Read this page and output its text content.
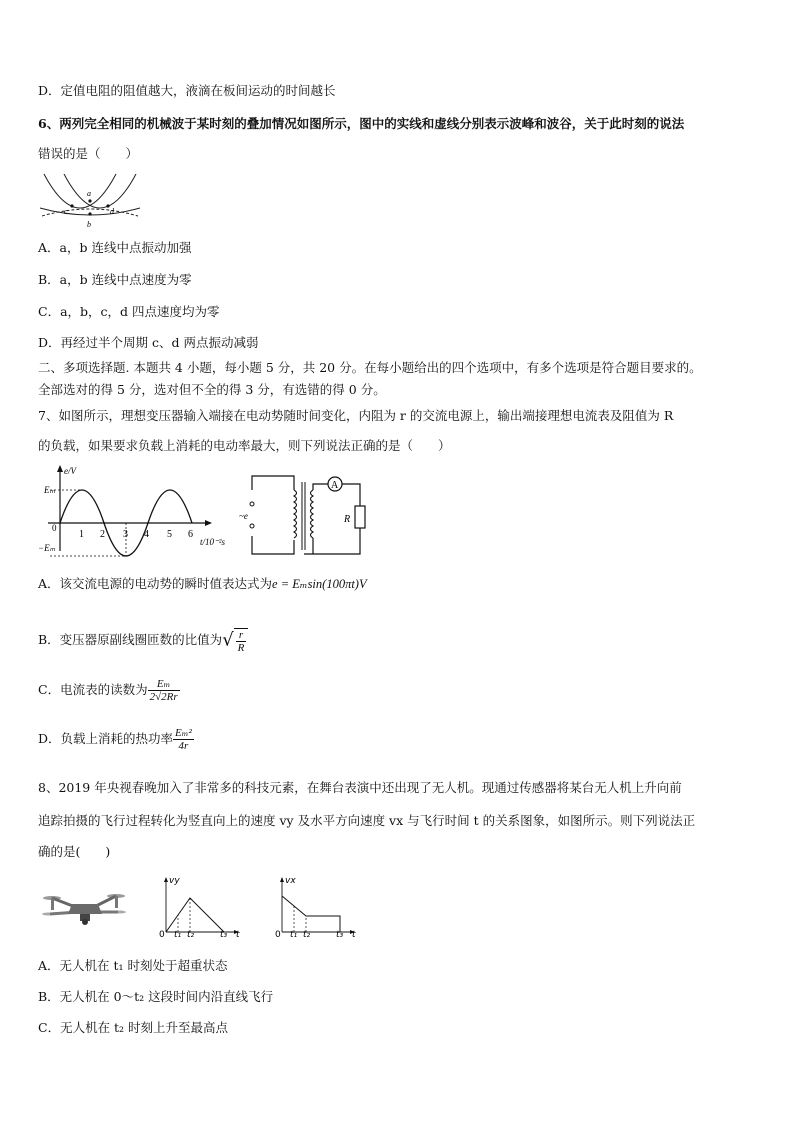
D．定值电阻的阻值越大，液滴在板间运动的时间越长
6、两列完全相同的机械波于某时刻的叠加情况如图所示，图中的实线和虚线分别表示波峰和波谷，关于此时刻的说法
错误的是（　　）
a
b
c	d
A．a，b 连线中点振动加强
B．a，b 连线中点速度为零
C．a，b，c，d 四点速度均为零
D．再经过半个周期 c、d 两点振动减弱
二、多项选择题. 本题共 4 小题，每小题 5 分，共 20 分。在每小题给出的四个选项中，有多个选项是符合题目要求的。
全部选对的得 5 分，选对但不全的得 3 分，有选错的得 0 分。
7、如图所示，理想变压器输入端接在电动势随时间变化，内阻为 r 的交流电源上，输出端接理想电流表及阻值为 R
的负载，如果要求负载上消耗的电动率最大，则下列说法正确的是（　　）
e/V
Eₘ
−Eₘ
0
1 2 3 4 5 6
t/10⁻²s
~e
A
R
A．该交流电源的电动势的瞬时值表达式为e = Eₘsin(100πt)V
B．变压器原副线圈匝数的比值为√ $\frac{r}{R}$
C．电流表的读数为 $\frac{\text{Eₘ}}{2√2Rr}$
D．负载上消耗的热功率 $\frac{\text{Eₘ²}}{4r}$
8、2019 年央视春晚加入了非常多的科技元素，在舞台表演中还出现了无人机。现通过传感器将某台无人机上升向前
追踪拍摄的飞行过程转化为竖直向上的速度 vy 及水平方向速度 vx 与飞行时间 t 的关系图象，如图所示。则下列说法正
确的是(　　)
vy
0 t₁ t₂	t₃ t
vx
0 t₁ t₂	t₃ t
A．无人机在 t₁ 时刻处于超重状态
B．无人机在 0～t₂ 这段时间内沿直线飞行
C．无人机在 t₂ 时刻上升至最高点
